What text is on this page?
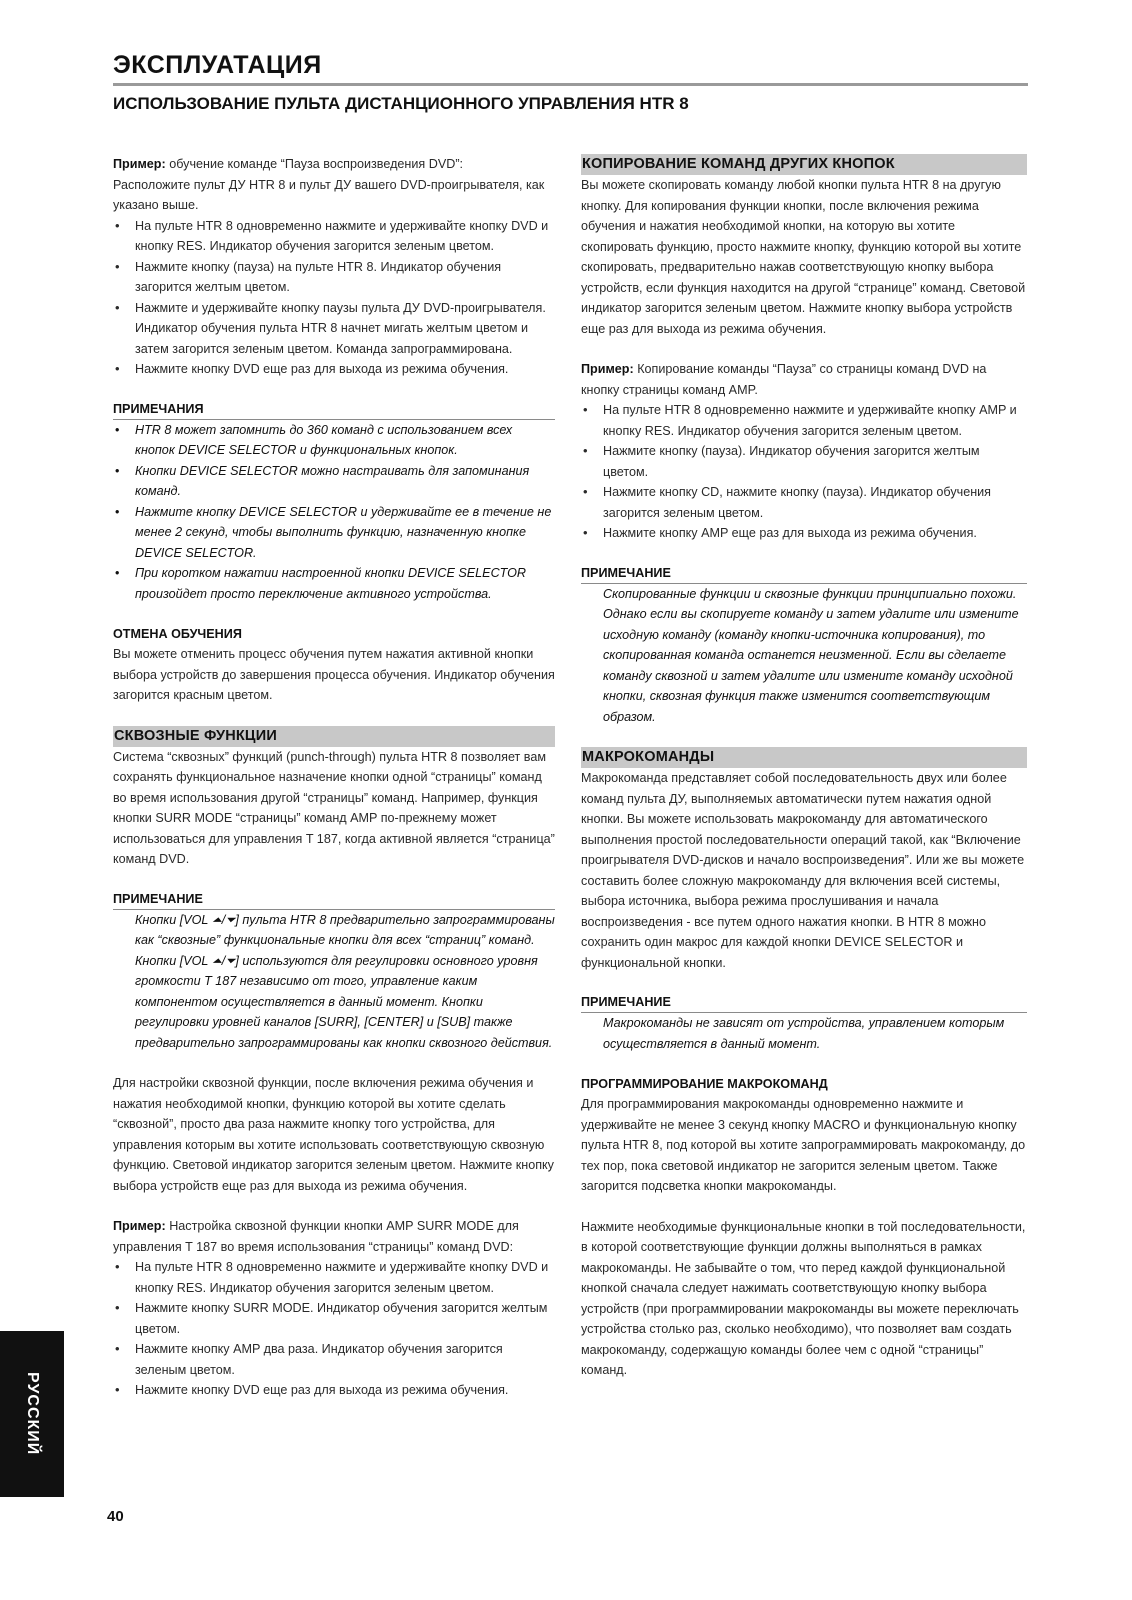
ЭКСПЛУАТАЦИЯ
ИСПОЛЬЗОВАНИЕ ПУЛЬТА ДИСТАНЦИОННОГО УПРАВЛЕНИЯ HTR 8

Пример: обучение команде “Пауза воспроизведения DVD”:

Расположите пульт ДУ HTR 8 и пульт ДУ вашего DVD-проигрывателя, как указано выше.

• На пульте HTR 8 одновременно нажмите и удерживайте кнопку DVD и кнопку RES. Индикатор обучения загорится зеленым цветом.
• Нажмите кнопку (пауза) на пульте HTR 8. Индикатор обучения загорится желтым цветом.
• Нажмите и удерживайте кнопку паузы пульта ДУ DVD-проигрывателя. Индикатор обучения пульта HTR 8 начнет мигать желтым цветом и затем загорится зеленым цветом. Команда запрограммирована.
• Нажмите кнопку DVD еще раз для выхода из режима обучения.
ПРИМЕЧАНИЯ
• HTR 8 может запомнить до 360 команд с использованием всех кнопок DEVICE SELECTOR и функциональных кнопок.
• Кнопки DEVICE SELECTOR можно настраивать для запоминания команд.
• Нажмите кнопку DEVICE SELECTOR и удерживайте ее в течение не менее 2 секунд, чтобы выполнить функцию, назначенную кнопке DEVICE SELECTOR.
• При коротком нажатии настроенной кнопки DEVICE SELECTOR произойдет просто переключение активного устройства.
ОТМЕНА ОБУЧЕНИЯ

Вы можете отменить процесс обучения путем нажатия активной кнопки выбора устройств до завершения процесса обучения. Индикатор обучения загорится красным цветом.

СКВОЗНЫЕ ФУНКЦИИ

Система “сквозных” функций (punch-through) пульта HTR 8 позволяет вам сохранять функциональное назначение кнопки одной “страницы” команд во время использования другой “страницы” команд. Например, функция кнопки SURR MODE “страницы” команд AMP по-прежнему может использоваться для управления T 187, когда активной является “страница” команд DVD.

ПРИМЕЧАНИЕ

Кнопки [VOL ⏶/⏷] пульта HTR 8 предварительно запрограммированы как “сквозные” функциональные кнопки для всех “страниц” команд. Кнопки [VOL ⏶/⏷] используются для регулировки основного уровня громкости T 187 независимо от того, управление каким компонентом осуществляется в данный момент. Кнопки регулировки уровней каналов [SURR], [CENTER] и [SUB] также предварительно запрограммированы как кнопки сквозного действия.

Для настройки сквозной функции, после включения режима обучения и нажатия необходимой кнопки, функцию которой вы хотите сделать “сквозной”, просто два раза нажмите кнопку того устройства, для управления которым вы хотите использовать соответствующую сквозную функцию. Световой индикатор загорится зеленым цветом. Нажмите кнопку выбора устройств еще раз для выхода из режима обучения.

Пример: Настройка сквозной функции кнопки AMP SURR MODE для управления T 187 во время использования “страницы” команд DVD:

• На пульте HTR 8 одновременно нажмите и удерживайте кнопку DVD и кнопку RES. Индикатор обучения загорится зеленым цветом.
• Нажмите кнопку SURR MODE. Индикатор обучения загорится желтым цветом.
• Нажмите кнопку AMP два раза. Индикатор обучения загорится зеленым цветом.
• Нажмите кнопку DVD еще раз для выхода из режима обучения.
КОПИРОВАНИЕ КОМАНД ДРУГИХ КНОПОК

Вы можете скопировать команду любой кнопки пульта HTR 8 на другую кнопку. Для копирования функции кнопки, после включения режима обучения и нажатия необходимой кнопки, на которую вы хотите скопировать функцию, просто нажмите кнопку, функцию которой вы хотите скопировать, предварительно нажав соответствующую кнопку выбора устройств, если функция находится на другой “странице” команд. Световой индикатор загорится зеленым цветом. Нажмите кнопку выбора устройств еще раз для выхода из режима обучения.

Пример: Копирование команды “Пауза” со страницы команд DVD на кнопку страницы команд AMP.

• На пульте HTR 8 одновременно нажмите и удерживайте кнопку AMP и кнопку RES. Индикатор обучения загорится зеленым цветом.
• Нажмите кнопку (пауза). Индикатор обучения загорится желтым цветом.
• Нажмите кнопку CD, нажмите кнопку (пауза). Индикатор обучения загорится зеленым цветом.
• Нажмите кнопку AMP еще раз для выхода из режима обучения.
ПРИМЕЧАНИЕ

Скопированные функции и сквозные функции принципиально похожи. Однако если вы скопируете команду и затем удалите или измените исходную команду (команду кнопки-источника копирования), то скопированная команда останется неизменной. Если вы сделаете команду сквозной и затем удалите или измените команду исходной кнопки, сквозная функция также изменится соответствующим образом.

МАКРОКОМАНДЫ

Макрокоманда представляет собой последовательность двух или более команд пульта ДУ, выполняемых автоматически путем нажатия одной кнопки. Вы можете использовать макрокоманду для автоматического выполнения простой последовательности операций такой, как “Включение проигрывателя DVD-дисков и начало воспроизведения”. Или же вы можете составить более сложную макрокоманду для включения всей системы, выбора источника, выбора режима прослушивания и начала воспроизведения - все путем одного нажатия кнопки. В HTR 8 можно сохранить один макрос для каждой кнопки DEVICE SELECTOR и функциональной кнопки.

ПРИМЕЧАНИЕ

Макрокоманды не зависят от устройства, управлением которым осуществляется в данный момент.

ПРОГРАММИРОВАНИЕ МАКРОКОМАНД

Для программирования макрокоманды одновременно нажмите и удерживайте не менее 3 секунд кнопку MACRO и функциональную кнопку пульта HTR 8, под которой вы хотите запрограммировать макрокоманду, до тех пор, пока световой индикатор не загорится зеленым цветом. Также загорится подсветка кнопки макрокоманды.

Нажмите необходимые функциональные кнопки в той последовательности, в которой соответствующие функции должны выполняться в рамках макрокоманды. Не забывайте о том, что перед каждой функциональной кнопкой сначала следует нажимать соответствующую кнопку выбора устройств (при программировании макрокоманды вы можете переключать устройства столько раз, сколько необходимо), что позволяет вам создать макрокоманду, содержащую команды более чем с одной “страницы” команд.

РУССКИЙ
40
